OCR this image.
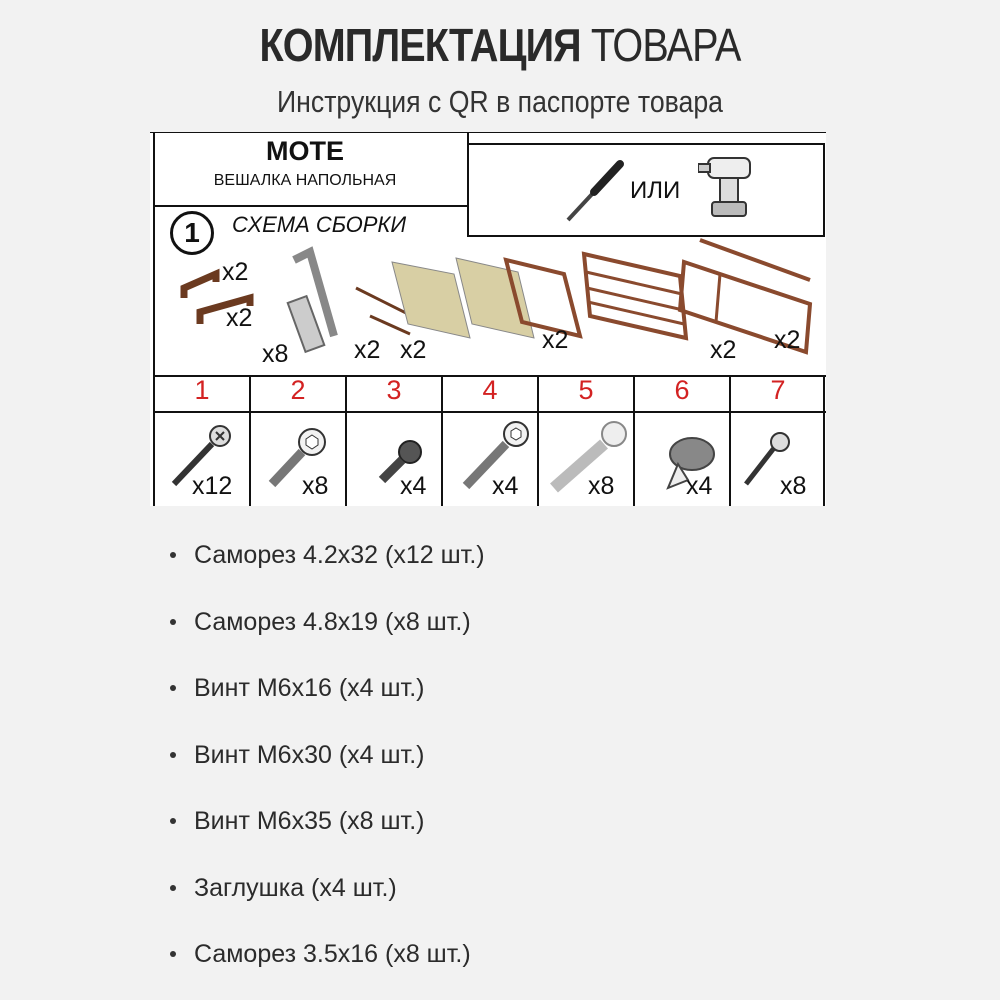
КОМПЛЕКТАЦИЯ ТОВАРА
Инструкция с QR в паспорте товара
MOTE
ВЕШАЛКА НАПОЛЬНАЯ	ИЛИ
1	СХЕМА СБОРКИ
x2
x2
x8	x2 x2	x2	x2 x2
1	2	3	4	5	6	7
x12	x8	x4	x4	x8	x4	x8
Саморез 4.2x32 (x12 шт.)
Саморез 4.8x19 (x8 шт.)
Винт М6x16 (x4 шт.)
Винт М6x30 (x4 шт.)
Винт М6x35 (x8 шт.)
Заглушка (x4 шт.)
Саморез 3.5x16 (x8 шт.)
